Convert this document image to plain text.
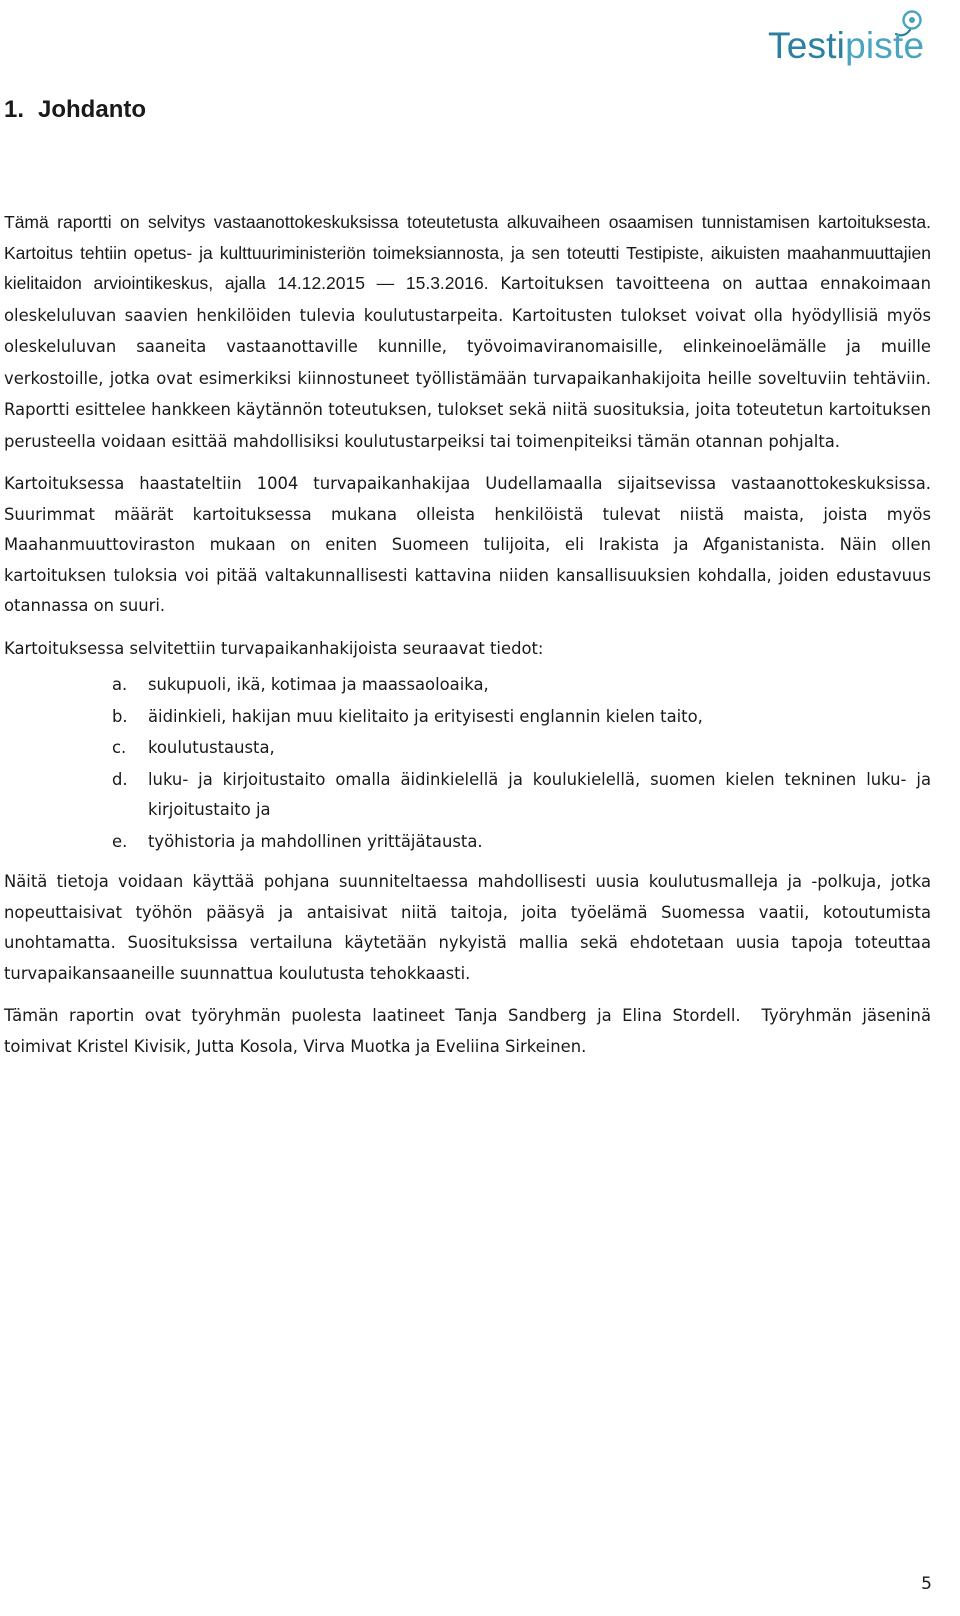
Testipiste
1. Johdanto

Tämä raportti on selvitys vastaanottokeskuksissa toteutetusta alkuvaiheen osaamisen tunnistamisen kartoituksesta. Kartoitus tehtiin opetus- ja kulttuuriministeriön toimeksiannosta, ja sen toteutti Testipiste, aikuisten maahanmuuttajien kielitaidon arviointikeskus, ajalla 14.12.2015 — 15.3.2016. Kartoituksen tavoitteena on auttaa ennakoimaan oleskeluluvan saavien henkilöiden tulevia koulutustarpeita. Kartoitusten tulokset voivat olla hyödyllisiä myös oleskeluluvan saaneita vastaanottaville kunnille, työvoimaviranomaisille, elinkeinoelämälle ja muille verkostoille, jotka ovat esimerkiksi kiinnostuneet työllistämään turvapaikanhakijoita heille soveltuviin tehtäviin. Raportti esittelee hankkeen käytännön toteutuksen, tulokset sekä niitä suosituksia, joita toteutetun kartoituksen perusteella voidaan esittää mahdollisiksi koulutustarpeiksi tai toimenpiteiksi tämän otannan pohjalta.

Kartoituksessa haastateltiin 1004 turvapaikanhakijaa Uudellamaalla sijaitsevissa vastaanottokeskuksissa. Suurimmat määrät kartoituksessa mukana olleista henkilöistä tulevat niistä maista, joista myös Maahanmuuttoviraston mukaan on eniten Suomeen tulijoita, eli Irakista ja Afganistanista. Näin ollen kartoituksen tuloksia voi pitää valtakunnallisesti kattavina niiden kansallisuuksien kohdalla, joiden edustavuus otannassa on suuri.

Kartoituksessa selvitettiin turvapaikanhakijoista seuraavat tiedot:

a.	sukupuoli, ikä, kotimaa ja maassaoloaika,
b.	äidinkieli, hakijan muu kielitaito ja erityisesti englannin kielen taito,
c.	koulutustausta,
d.	luku- ja kirjoitustaito omalla äidinkielellä ja koulukielellä, suomen kielen tekninen luku- ja kirjoitustaito ja
e.	työhistoria ja mahdollinen yrittäjätausta.

Näitä tietoja voidaan käyttää pohjana suunniteltaessa mahdollisesti uusia koulutusmalleja ja -polkuja, jotka nopeuttaisivat työhön pääsyä ja antaisivat niitä taitoja, joita työelämä Suomessa vaatii, kotoutumista unohtamatta. Suosituksissa vertailuna käytetään nykyistä mallia sekä ehdotetaan uusia tapoja toteuttaa turvapaikansaaneille suunnattua koulutusta tehokkaasti.

Tämän raportin ovat työryhmän puolesta laatineet Tanja Sandberg ja Elina Stordell.  Työryhmän jäseninä toimivat Kristel Kivisik, Jutta Kosola, Virva Muotka ja Eveliina Sirkeinen.

5
